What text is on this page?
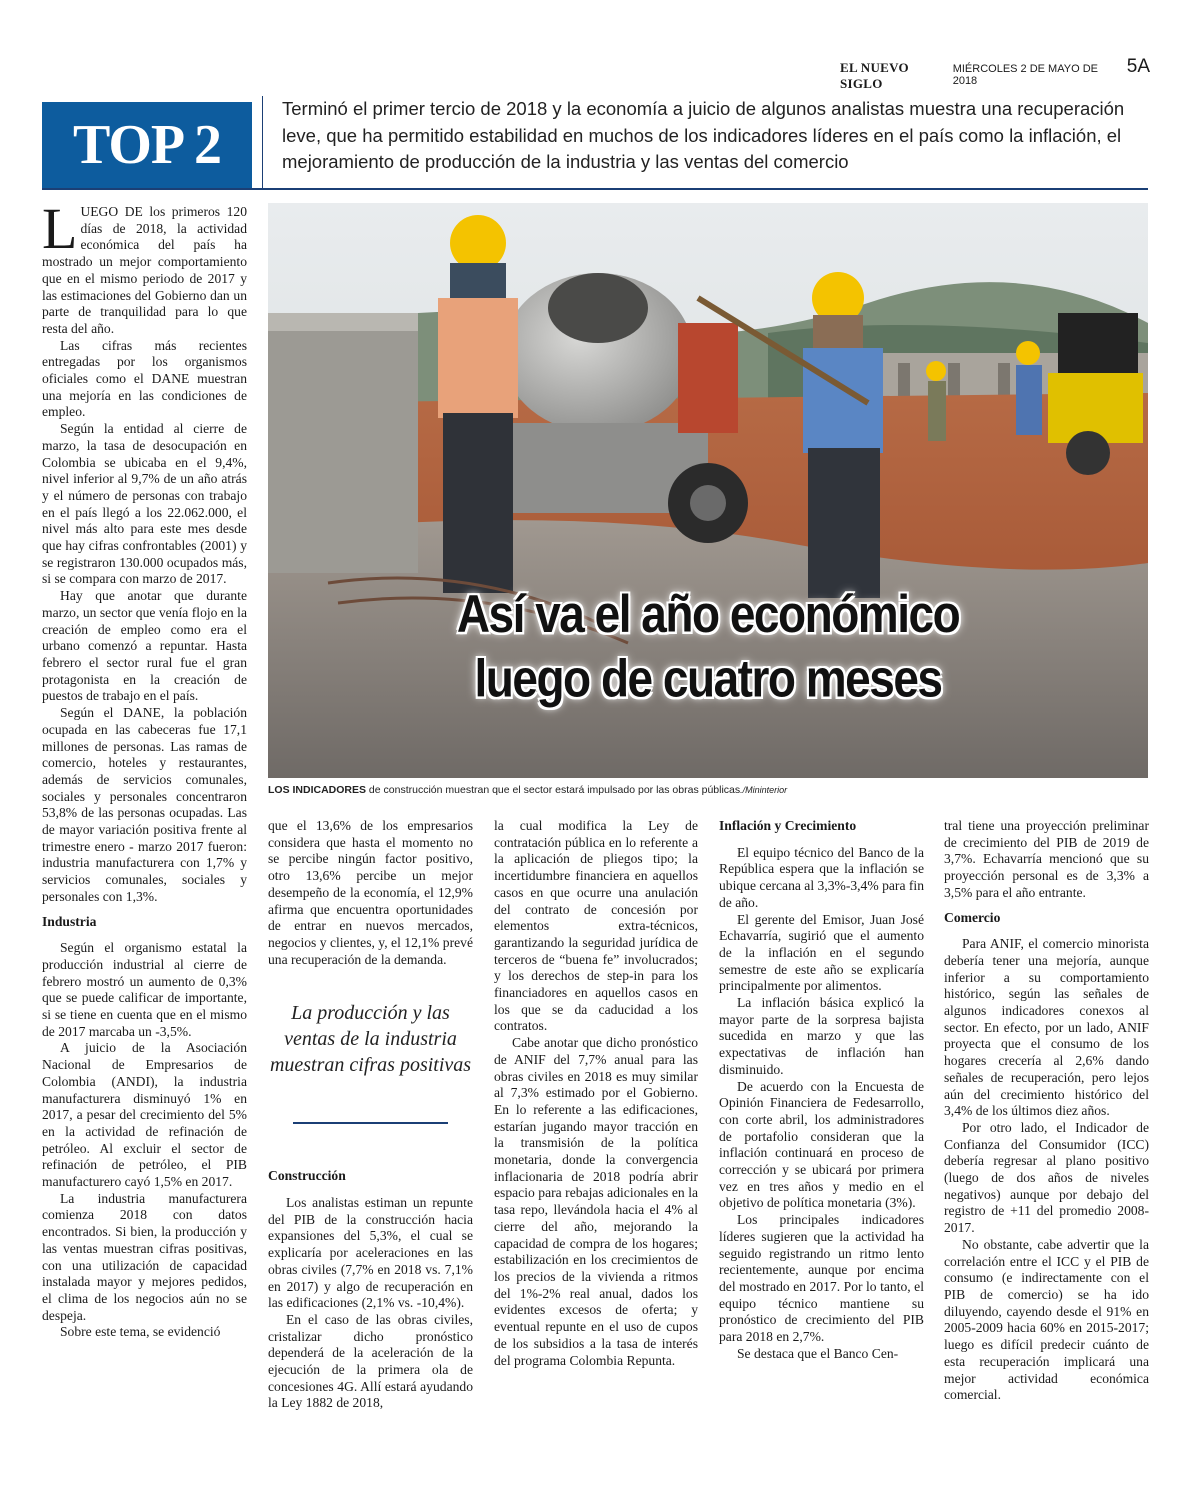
EL NUEVO SIGLO
MIÉRCOLES 2 DE MAYO DE 2018
5A
TOP 2

Terminó el primer tercio de 2018 y la economía a juicio de algunos analistas muestra una recuperación leve, que ha permitido estabilidad en muchos de los indicadores líderes en el país como la inflación, el mejoramiento de producción de la industria y las ventas del comercio

Así va el año económico
luego de cuatro meses
LOS INDICADORES de construcción muestran que el sector estará impulsado por las obras públicas./Mininterior

LUEGO DE los primeros 120 días de 2018, la actividad económica del país ha mostrado un mejor comportamiento que en el mismo periodo de 2017 y las estimaciones del Gobierno dan un parte de tranquilidad para lo que resta del año.

Las cifras más recientes entregadas por los organismos oficiales como el DANE muestran una mejoría en las condiciones de empleo.

Según la entidad al cierre de marzo, la tasa de desocupación en Colombia se ubicaba en el 9,4%, nivel inferior al 9,7% de un año atrás y el número de personas con trabajo en el país llegó a los 22.062.000, el nivel más alto para este mes desde que hay cifras confrontables (2001) y se registraron 130.000 ocupados más, si se compara con marzo de 2017.

Hay que anotar que durante marzo, un sector que venía flojo en la creación de empleo como era el urbano comenzó a repuntar. Hasta febrero el sector rural fue el gran protagonista en la creación de puestos de trabajo en el país.

Según el DANE, la población ocupada en las cabeceras fue 17,1 millones de personas. Las ramas de comercio, hoteles y restaurantes, además de servicios comunales, sociales y personales concentraron 53,8% de las personas ocupadas. Las de mayor variación positiva frente al trimestre enero - marzo 2017 fueron: industria manufacturera con 1,7% y servicios comunales, sociales y personales con 1,3%.

Industria

Según el organismo estatal la producción industrial al cierre de febrero mostró un aumento de 0,3% que se puede calificar de importante, si se tiene en cuenta que en el mismo de 2017 marcaba un -3,5%.

A juicio de la Asociación Nacional de Empresarios de Colombia (ANDI), la industria manufacturera disminuyó 1% en 2017, a pesar del crecimiento del 5% en la actividad de refinación de petróleo. Al excluir el sector de refinación de petróleo, el PIB manufacturero cayó 1,5% en 2017.

La industria manufacturera comienza 2018 con datos encontrados. Si bien, la producción y las ventas muestran cifras positivas, con una utilización de capacidad instalada mayor y mejores pedidos, el clima de los negocios aún no se despeja.

Sobre este tema, se evidenció

que el 13,6% de los empresarios considera que hasta el momento no se percibe ningún factor positivo, otro 13,6% percibe un mejor desempeño de la economía, el 12,9% afirma que encuentra oportunidades de entrar en nuevos mercados, negocios y clientes, y, el 12,1% prevé una recuperación de la demanda.

Construcción

Los analistas estiman un repunte del PIB de la construcción hacia expansiones del 5,3%, el cual se explicaría por aceleraciones en las obras civiles (7,7% en 2018 vs. 7,1% en 2017) y algo de recuperación en las edificaciones (2,1% vs. -10,4%).

En el caso de las obras civiles, cristalizar dicho pronóstico dependerá de la aceleración de la ejecución de la primera ola de concesiones 4G. Allí estará ayudando la Ley 1882 de 2018,

La producción y las ventas de la industria muestran cifras positivas

la cual modifica la Ley de contratación pública en lo referente a la aplicación de pliegos tipo; la incertidumbre financiera en aquellos casos en que ocurre una anulación del contrato de concesión por elementos extra-técnicos, garantizando la seguridad jurídica de terceros de “buena fe” involucrados; y los derechos de step-in para los financiadores en aquellos casos en los que se da caducidad a los contratos.

Cabe anotar que dicho pronóstico de ANIF del 7,7% anual para las obras civiles en 2018 es muy similar al 7,3% estimado por el Gobierno. En lo referente a las edificaciones, estarían jugando mayor tracción en la transmisión de la política monetaria, donde la convergencia inflacionaria de 2018 podría abrir espacio para rebajas adicionales en la tasa repo, llevándola hacia el 4% al cierre del año, mejorando la capacidad de compra de los hogares; estabilización en los crecimientos de los precios de la vivienda a ritmos del 1%-2% real anual, dados los evidentes excesos de oferta; y eventual repunte en el uso de cupos de los subsidios a la tasa de interés del programa Colombia Repunta.

Inflación y Crecimiento

El equipo técnico del Banco de la República espera que la inflación se ubique cercana al 3,3%-3,4% para fin de año.

El gerente del Emisor, Juan José Echavarría, sugirió que el aumento de la inflación en el segundo semestre de este año se explicaría principalmente por alimentos.

La inflación básica explicó la mayor parte de la sorpresa bajista sucedida en marzo y que las expectativas de inflación han disminuido.

De acuerdo con la Encuesta de Opinión Financiera de Fedesarrollo, con corte abril, los administradores de portafolio consideran que la inflación continuará en proceso de corrección y se ubicará por primera vez en tres años y medio en el objetivo de política monetaria (3%).

Los principales indicadores líderes sugieren que la actividad ha seguido registrando un ritmo lento recientemente, aunque por encima del mostrado en 2017. Por lo tanto, el equipo técnico mantiene su pronóstico de crecimiento del PIB para 2018 en 2,7%.

Se destaca que el Banco Cen-

tral tiene una proyección preliminar de crecimiento del PIB de 2019 de 3,7%. Echavarría mencionó que su proyección personal es de 3,3% a 3,5% para el año entrante.

Comercio

Para ANIF, el comercio minorista debería tener una mejoría, aunque inferior a su comportamiento histórico, según las señales de algunos indicadores conexos al sector. En efecto, por un lado, ANIF proyecta que el consumo de los hogares crecería al 2,6% dando señales de recuperación, pero lejos aún del crecimiento histórico del 3,4% de los últimos diez años.

Por otro lado, el Indicador de Confianza del Consumidor (ICC) debería regresar al plano positivo (luego de dos años de niveles negativos) aunque por debajo del registro de +11 del promedio 2008-2017.

No obstante, cabe advertir que la correlación entre el ICC y el PIB de consumo (e indirectamente con el PIB de comercio) se ha ido diluyendo, cayendo desde el 91% en 2005-2009 hacia 60% en 2015-2017; luego es difícil predecir cuánto de esta recuperación implicará una mejor actividad económica comercial.
